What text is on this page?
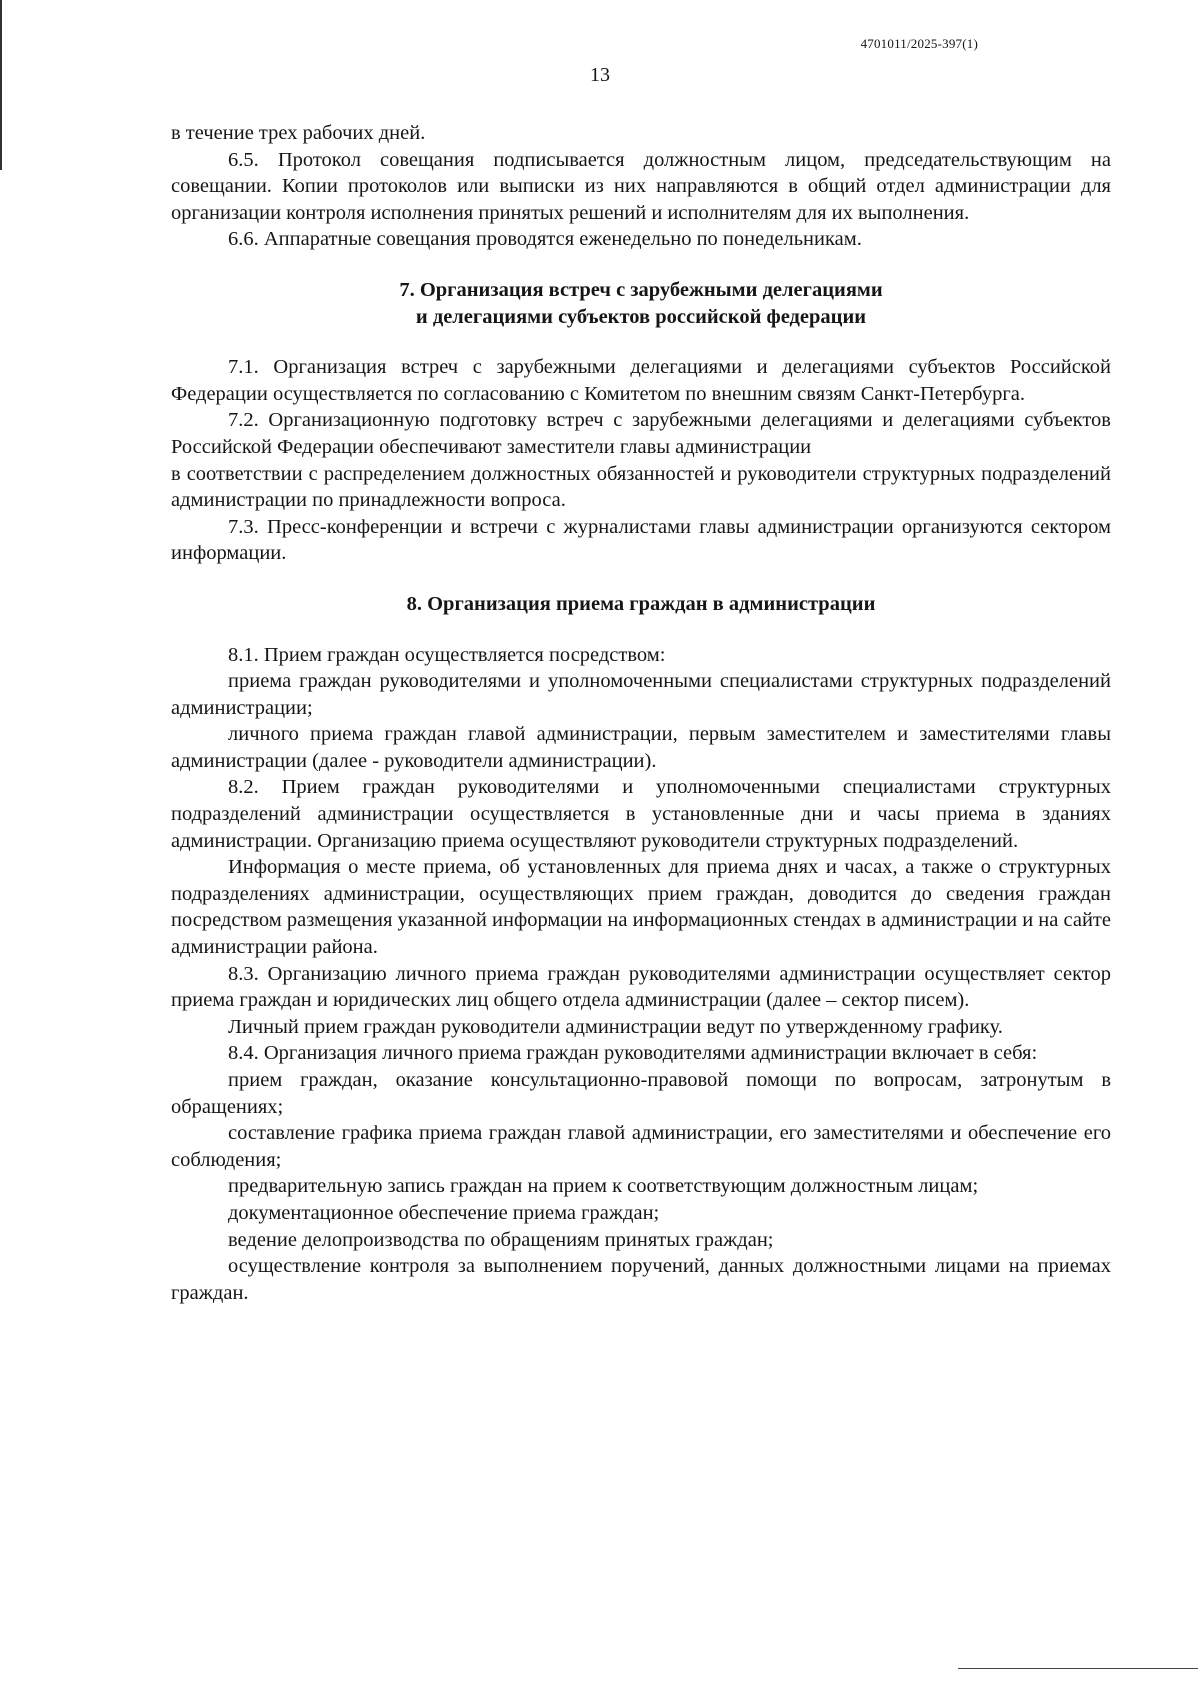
4701011/2025-397(1)
13

в течение трех рабочих дней.

6.5. Протокол совещания подписывается должностным лицом, председательствующим на совещании. Копии протоколов или выписки из них направляются в общий отдел администрации для организации контроля исполнения принятых решений и исполнителям для их выполнения.

6.6. Аппаратные совещания проводятся еженедельно по понедельникам.

7. Организация встреч с зарубежными делегациями

и делегациями субъектов российской федерации

7.1. Организация встреч с зарубежными делегациями и делегациями субъектов Российской Федерации осуществляется по согласованию с Комитетом по внешним связям Санкт-Петербурга.

7.2. Организационную подготовку встреч с зарубежными делегациями и делегациями субъектов Российской Федерации обеспечивают заместители главы администрации

в соответствии с распределением должностных обязанностей и руководители структурных подразделений администрации по принадлежности вопроса.

7.3. Пресс-конференции и встречи с журналистами главы администрации организуются сектором информации.

8. Организация приема граждан в администрации

8.1. Прием граждан осуществляется посредством:

приема граждан руководителями и уполномоченными специалистами структурных подразделений администрации;

личного приема граждан главой администрации, первым заместителем и заместителями главы администрации (далее - руководители администрации).

8.2. Прием граждан руководителями и уполномоченными специалистами структурных подразделений администрации осуществляется в установленные дни и часы приема в зданиях администрации. Организацию приема осуществляют руководители структурных подразделений.

Информация о месте приема, об установленных для приема днях и часах, а также о структурных подразделениях администрации, осуществляющих прием граждан, доводится до сведения граждан посредством размещения указанной информации на информационных стендах в администрации и на сайте администрации района.

8.3. Организацию личного приема граждан руководителями администрации осуществляет сектор приема граждан и юридических лиц общего отдела администрации (далее – сектор писем).

Личный прием граждан руководители администрации ведут по утвержденному графику.

8.4. Организация личного приема граждан руководителями администрации включает в себя:

прием граждан, оказание консультационно-правовой помощи по вопросам, затронутым в обращениях;

составление графика приема граждан главой администрации, его заместителями и обеспечение его соблюдения;

предварительную запись граждан на прием к соответствующим должностным лицам;

документационное обеспечение приема граждан;

ведение делопроизводства по обращениям принятых граждан;

осуществление контроля за выполнением поручений, данных должностными лицами на приемах граждан.
